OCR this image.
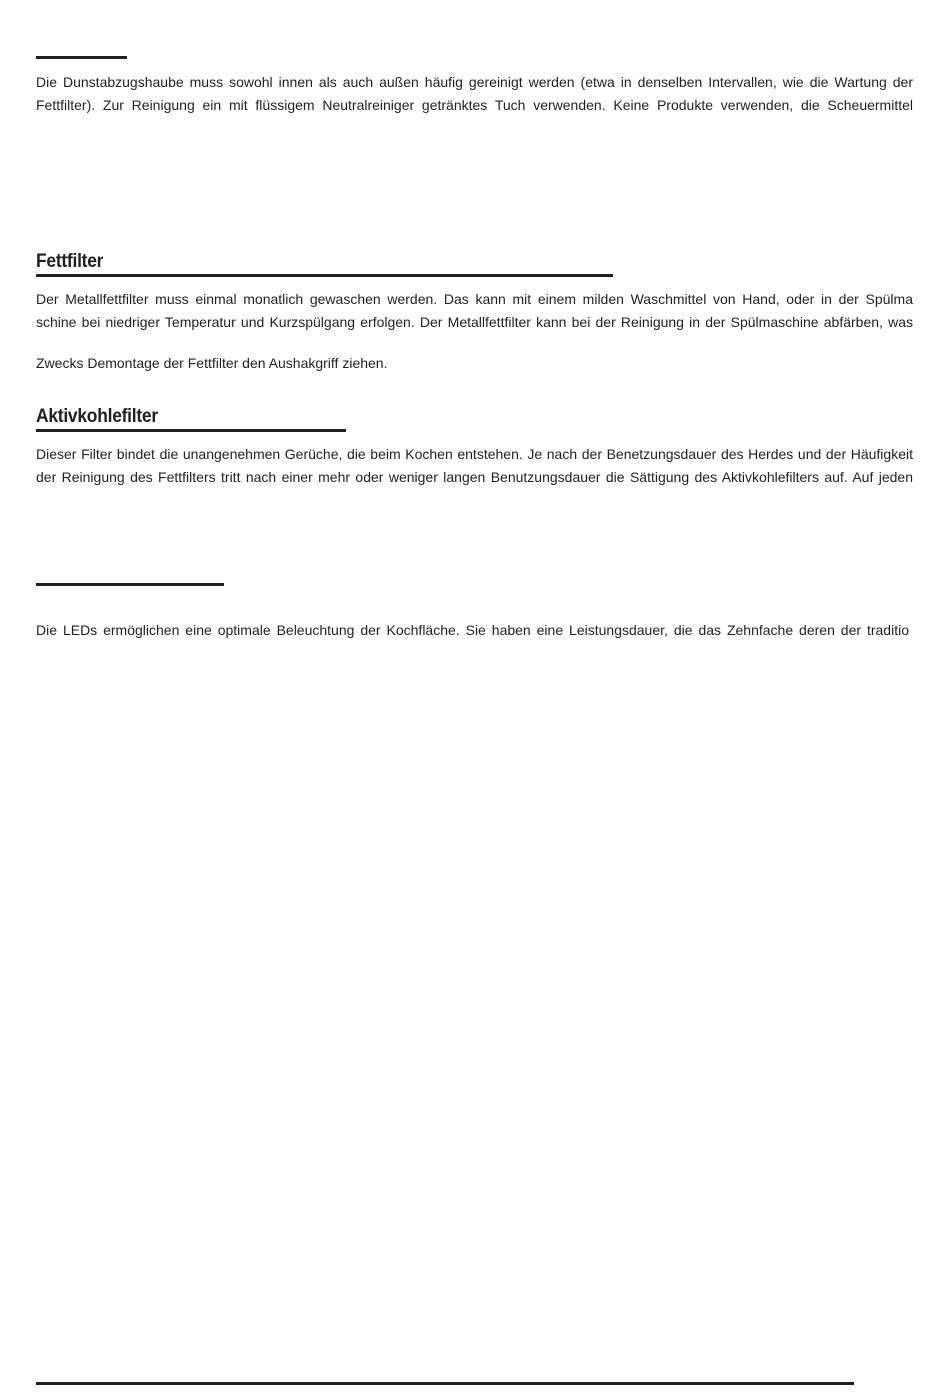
Die Dunstabzugshaube muss sowohl innen als auch außen häufig gereinigt werden (etwa in denselben Intervallen, wie die Wartung der
Fettfilter). Zur Reinigung ein mit flüssigem Neutralreiniger getränktes Tuch verwenden. Keine Produkte verwenden, die Scheuermittel
Fettfilter
Der Metallfettfilter muss einmal monatlich gewaschen werden. Das kann mit einem milden Waschmittel von Hand, oder in der Spülma
schine bei niedriger Temperatur und Kurzspülgang erfolgen. Der Metallfettfilter kann bei der Reinigung in der Spülmaschine abfärben, was
Zwecks Demontage der Fettfilter den Aushakgriff ziehen.
Aktivkohlefilter
Dieser Filter bindet die unangenehmen Gerüche, die beim Kochen entstehen. Je nach der Benetzungsdauer des Herdes und der Häufigkeit
der Reinigung des Fettfilters tritt nach einer mehr oder weniger langen Benutzungsdauer die Sättigung des Aktivkohlefilters auf. Auf jeden
Die LEDs ermöglichen eine optimale Beleuchtung der Kochfläche. Sie haben eine Leistungsdauer, die das Zehnfache deren der traditio
